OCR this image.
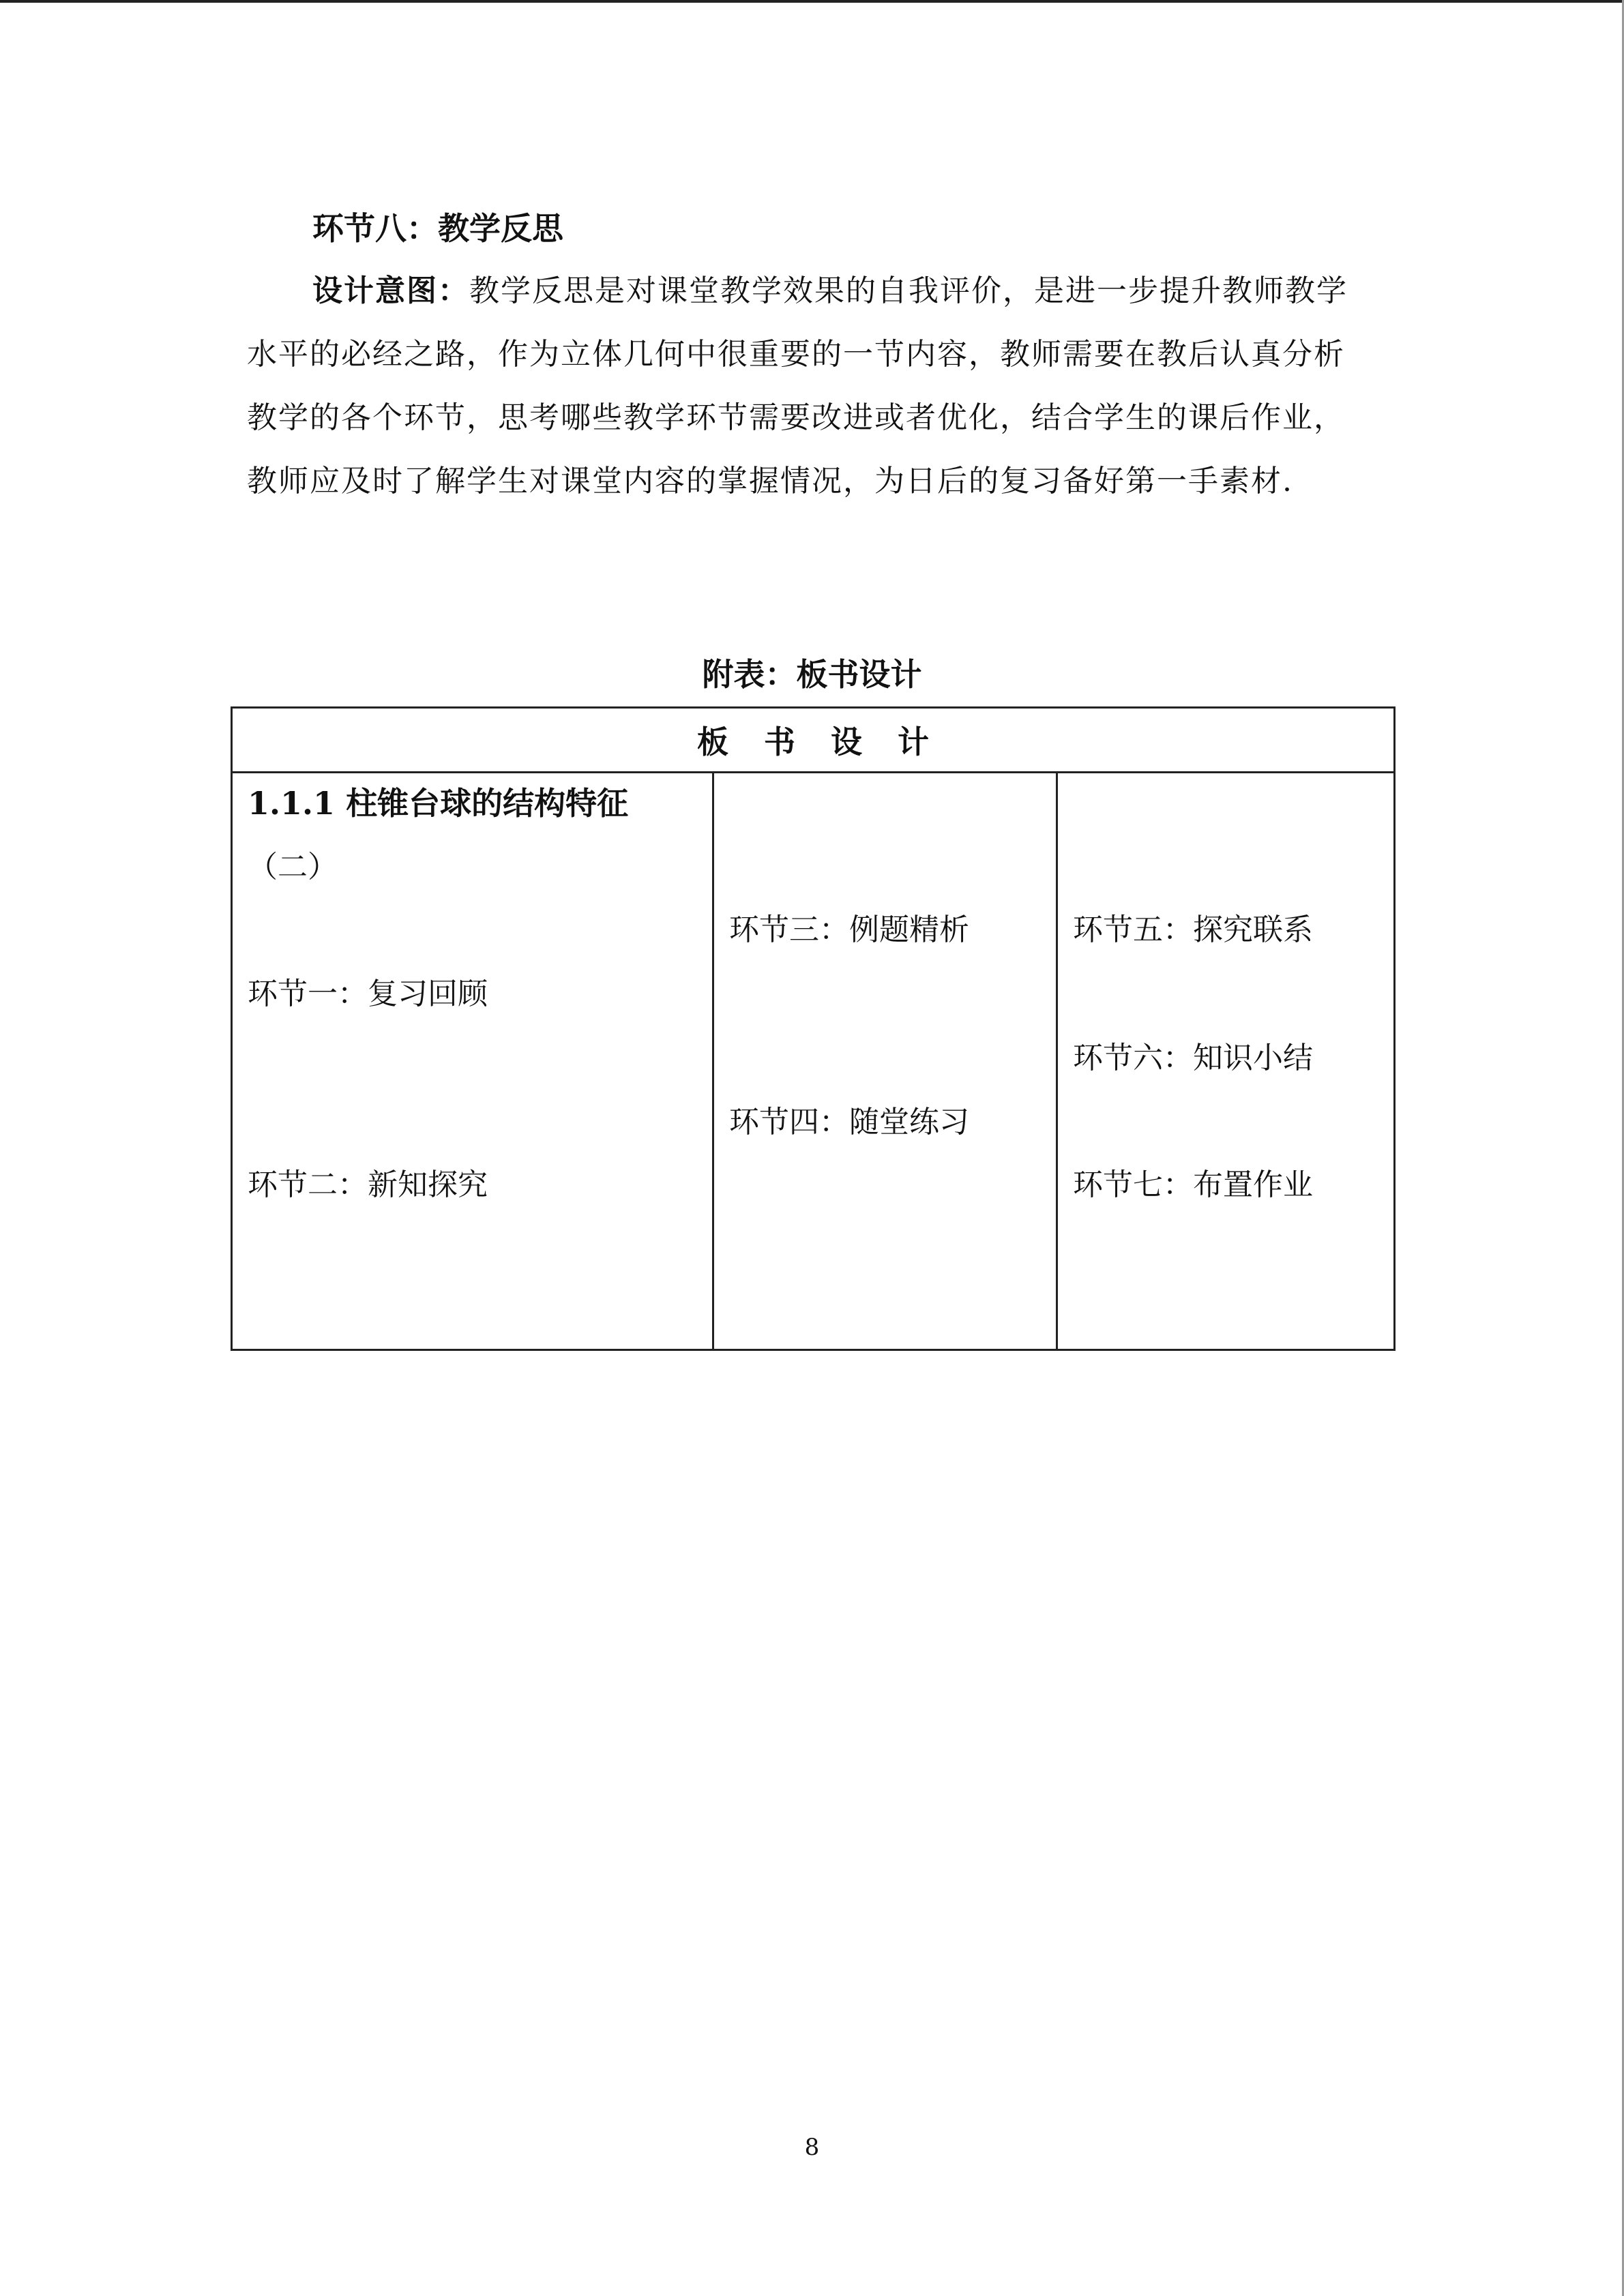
环节八：教学反思

设计意图：教学反思是对课堂教学效果的自我评价，是进一步提升教师教学水平的必经之路，作为立体几何中很重要的一节内容，教师需要在教后认真分析教学的各个环节，思考哪些教学环节需要改进或者优化，结合学生的课后作业，教师应及时了解学生对课堂内容的掌握情况，为日后的复习备好第一手素材.

附表：板书设计
板书设计

1.1.1 柱锥台球的结构特征
（二）
环节一：复习回顾
环节二：新知探究

环节三：例题精析
环节四：随堂练习

环节五：探究联系
环节六：知识小结
环节七：布置作业

8
